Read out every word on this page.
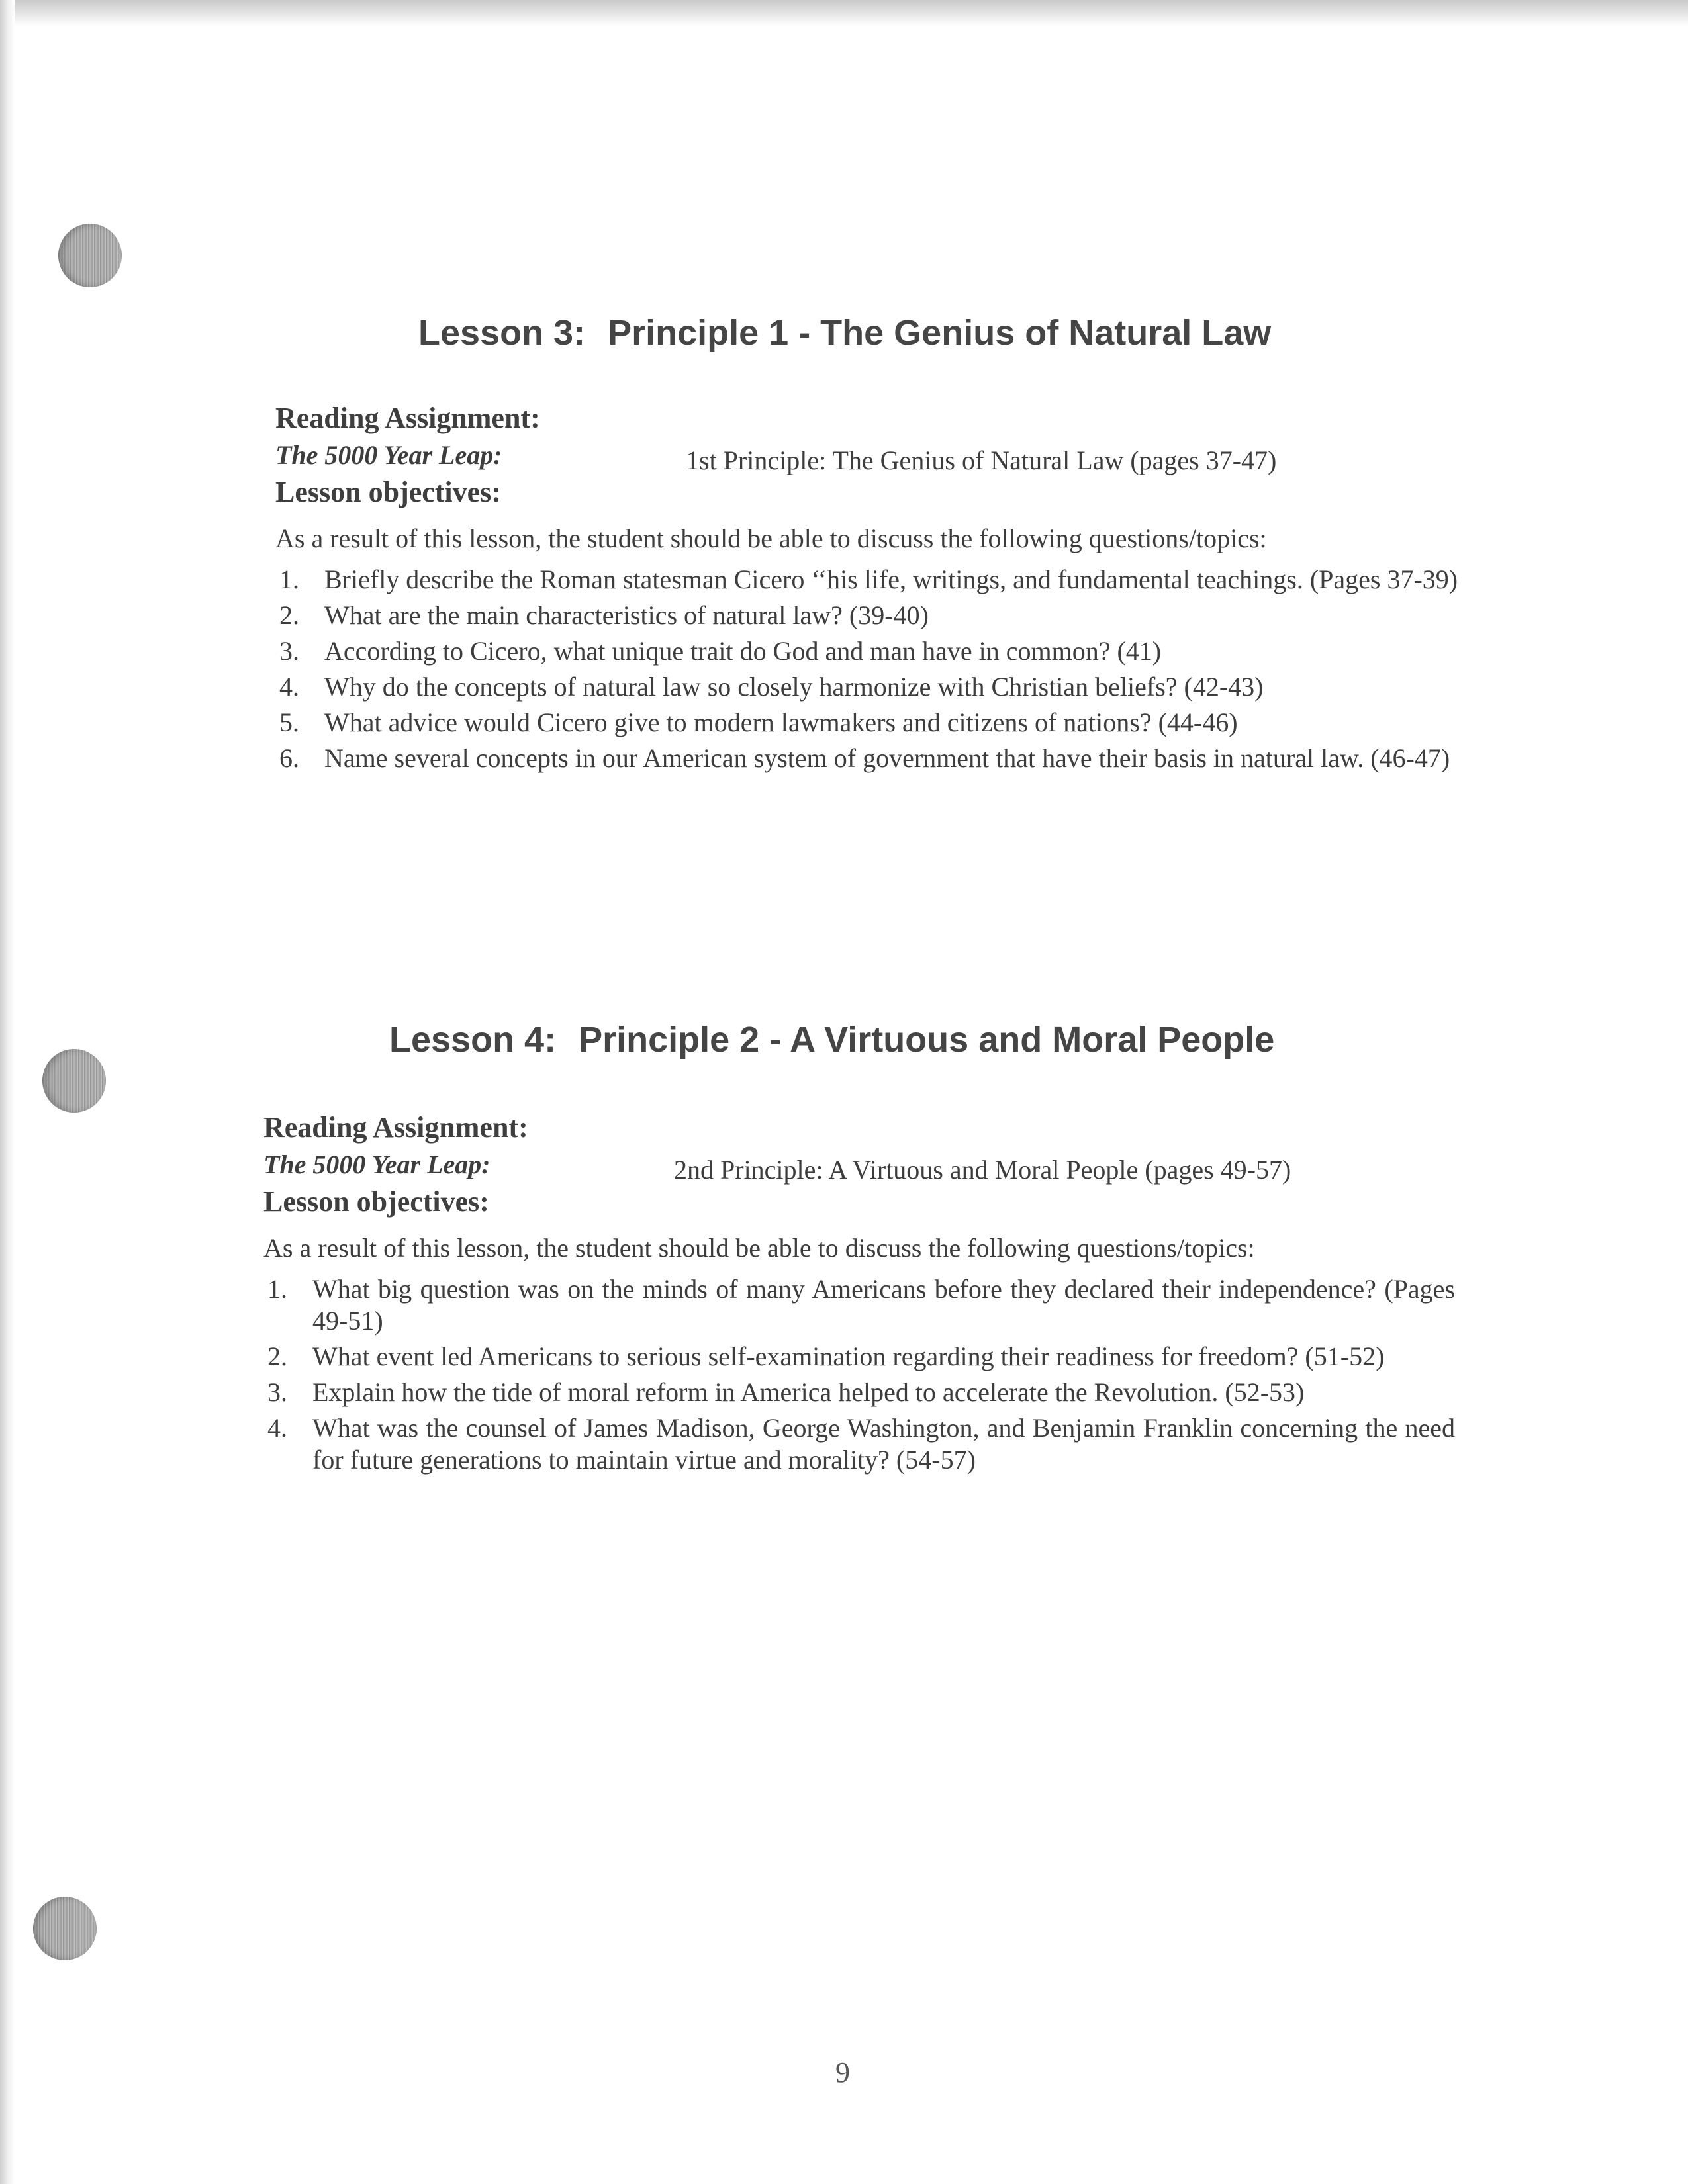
Lesson 3: Principle 1 - The Genius of Natural Law
Reading Assignment:
The 5000 Year Leap:	1st Principle: The Genius of Natural Law (pages 37-47)
Lesson objectives:
As a result of this lesson, the student should be able to discuss the following questions/topics:
1. Briefly describe the Roman statesman Cicero ‘‘his life, writings, and fundamental teachings. (Pages 37-39)
2. What are the main characteristics of natural law? (39-40)
3. According to Cicero, what unique trait do God and man have in common? (41)
4. Why do the concepts of natural law so closely harmonize with Christian beliefs? (42-43)
5. What advice would Cicero give to modern lawmakers and citizens of nations? (44-46)
6. Name several concepts in our American system of government that have their basis in natural law. (46-47)
Lesson 4: Principle 2 - A Virtuous and Moral People
Reading Assignment:
The 5000 Year Leap:	2nd Principle: A Virtuous and Moral People (pages 49-57)
Lesson objectives:
As a result of this lesson, the student should be able to discuss the following questions/topics:
1. What big question was on the minds of many Americans before they declared their independence? (Pages 49-51)
2. What event led Americans to serious self-examination regarding their readiness for freedom? (51-52)
3. Explain how the tide of moral reform in America helped to accelerate the Revolution. (52-53)
4. What was the counsel of James Madison, George Washington, and Benjamin Franklin concerning the need for future generations to maintain virtue and morality? (54-57)
9
